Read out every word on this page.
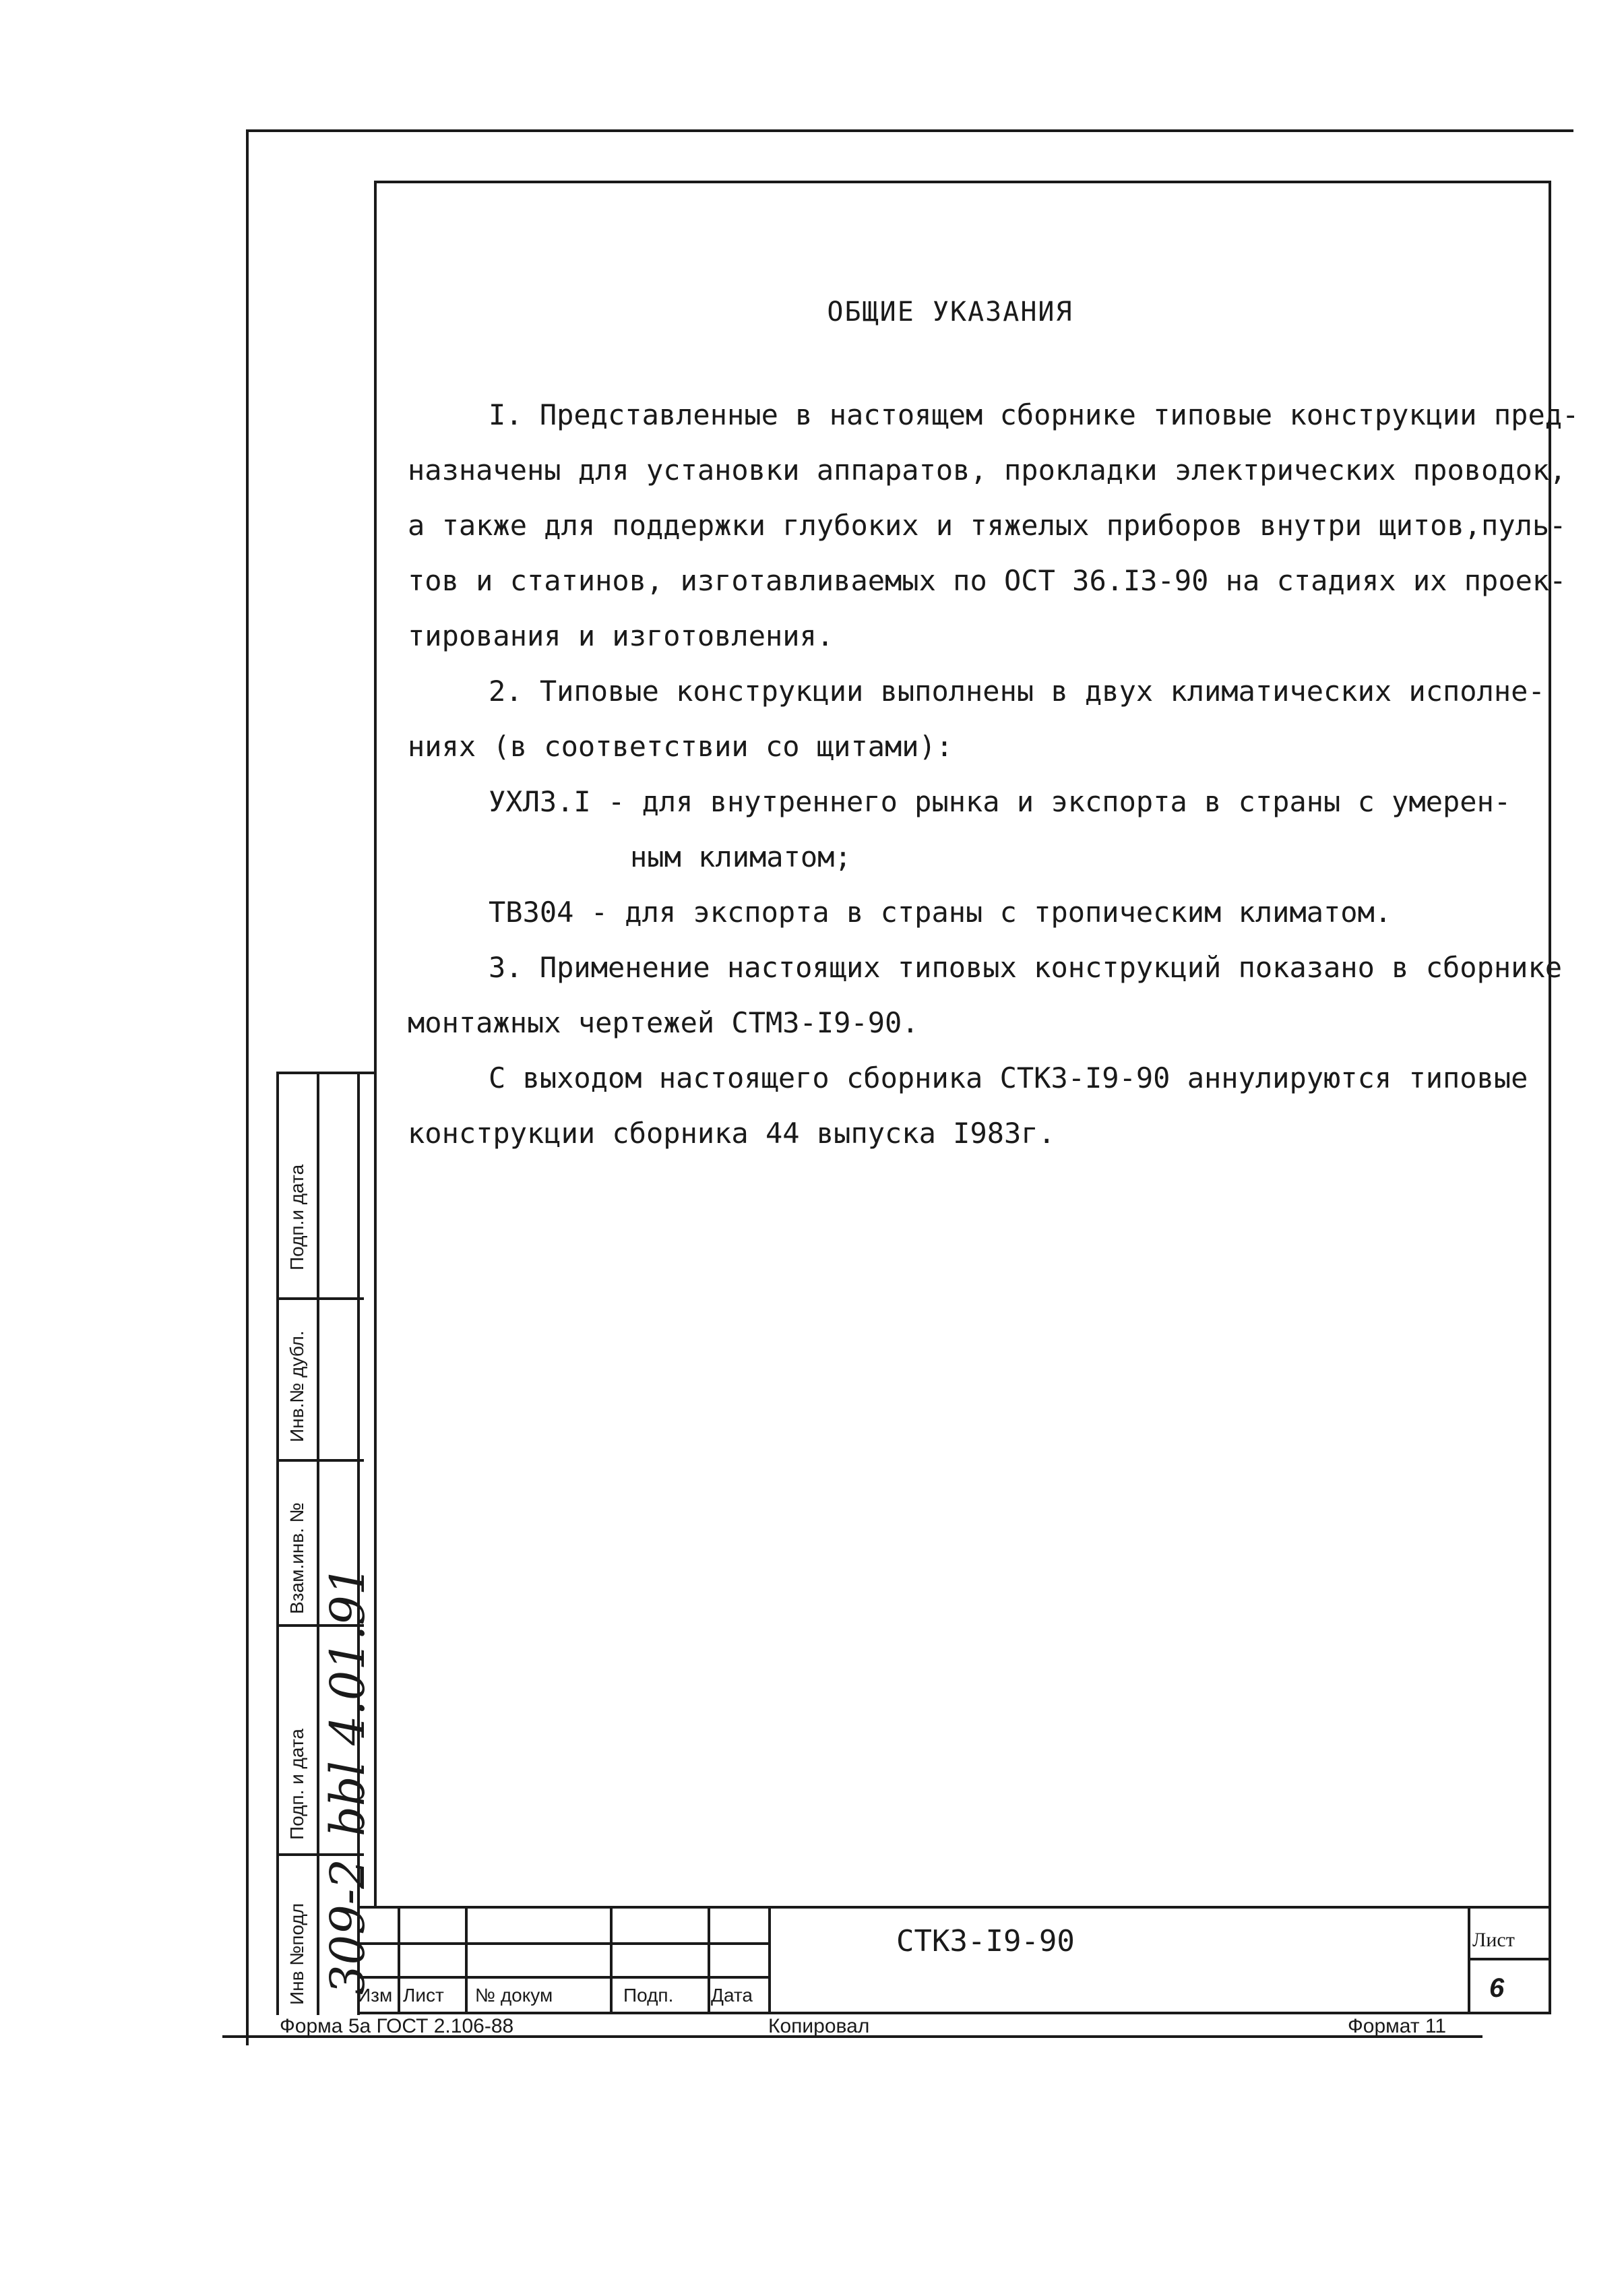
ОБЩИЕ УКАЗАНИЯ

I. Представленные в настоящем сборнике типовые конструкции пред-

назначены для установки аппаратов, прокладки электрических проводок,

а также для поддержки глубоких и тяжелых приборов внутри щитов,пуль-

тов и статинов, изготавливаемых по ОСТ 36.I3-90 на стадиях их проек-

тирования и изготовления.

2. Типовые конструкции выполнены в двух климатических исполне-

ниях (в соответствии со щитами):

УХЛ3.I - для внутреннего рынка и экспорта в страны с умерен-

ным климатом;

ТВ304 - для экспорта в страны с тропическим климатом.

3. Применение настоящих типовых конструкций показано в сборнике

монтажных чертежей СТМ3-I9-90.

С выходом настоящего сборника СТК3-I9-90 аннулируются типовые

конструкции сборника 44 выпуска I983г.

Подп.и дата
Инв.№ дубл.
Взам.инв. №
Подп. и дата
Инв №подл
4.01.91
bbl
309-2
Изм Лист № докум	Подп. Дата
СТК3-I9-90	Лист
6
Форма 5а ГОСТ 2.106-88	Копировал	Формат 11
